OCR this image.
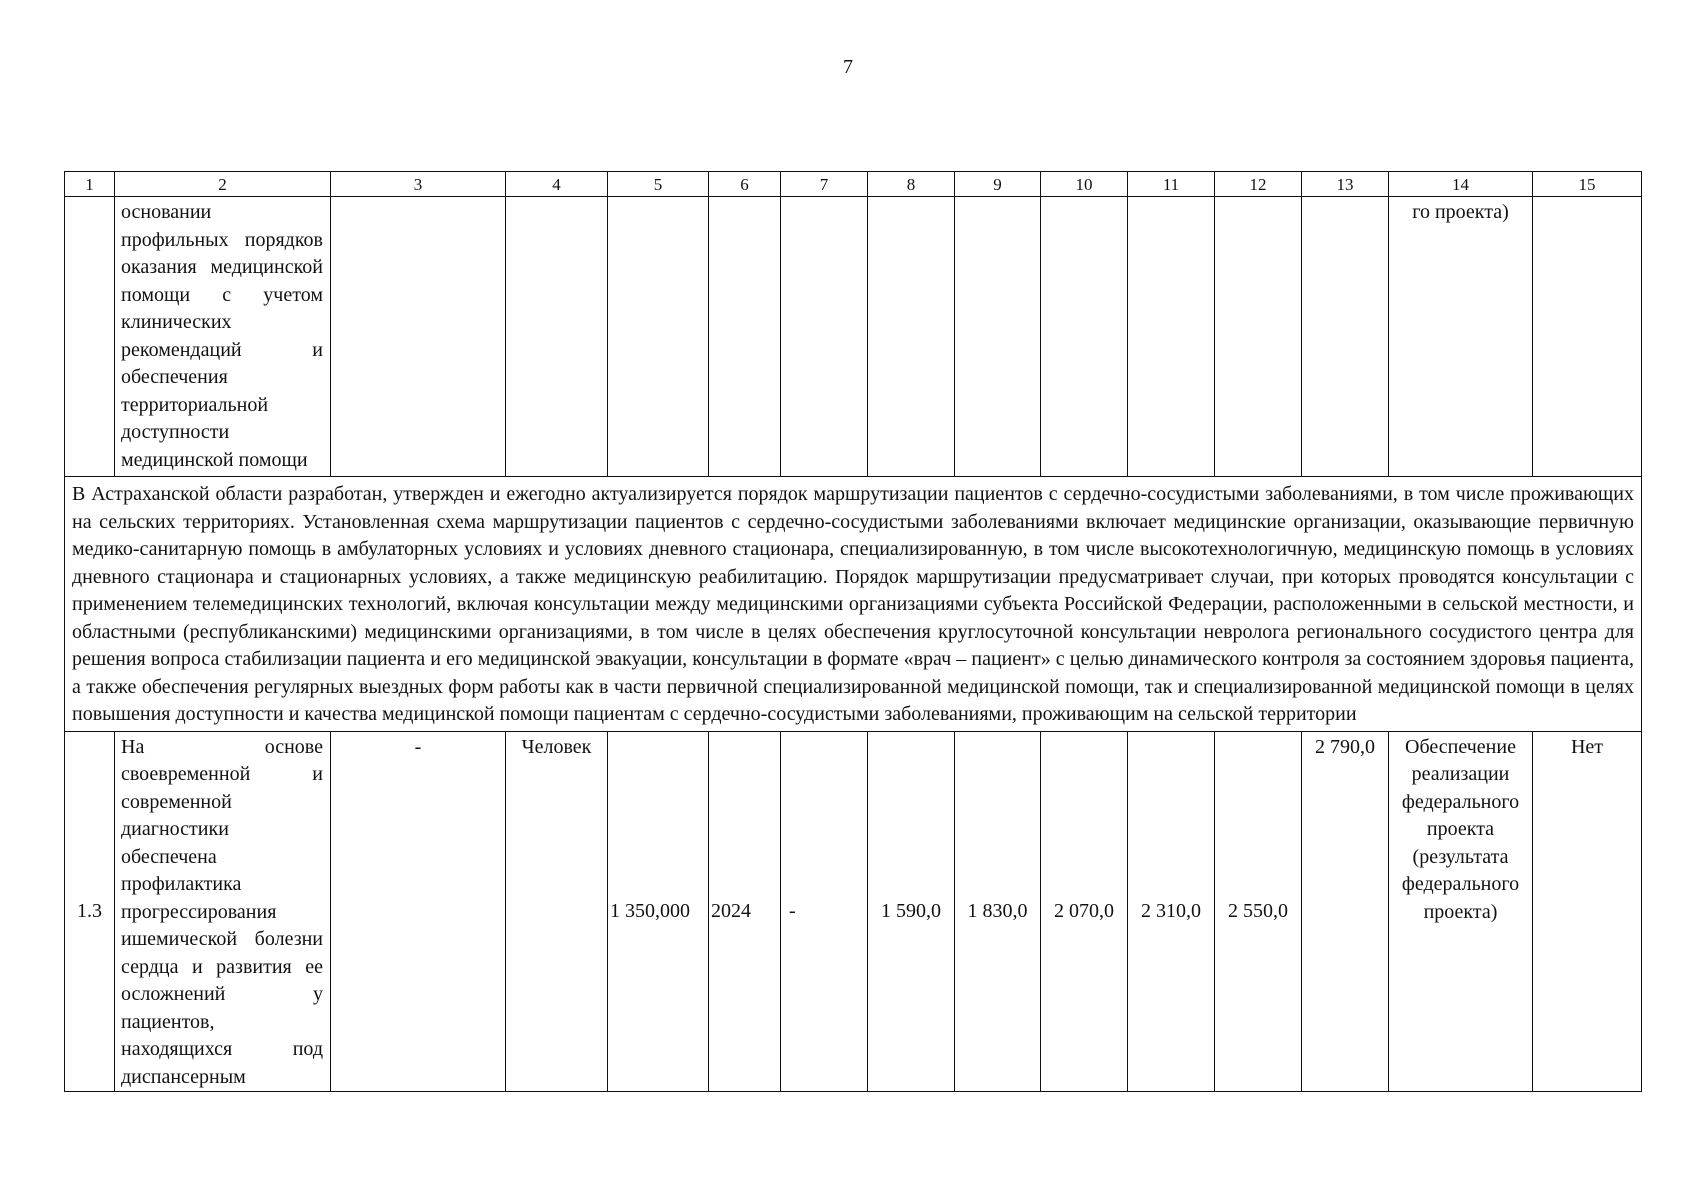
7
1	2	3	4	5	6	7	8	9	10	11	12	13	14	15
	основании профильных порядков оказания медицинской помощи с учетом клинических рекомендаций и обеспечения территориальной доступности медицинской помощи												го проекта)	
В Астраханской области разработан, утвержден и ежегодно актуализируется порядок маршрутизации пациентов с сердечно-сосудистыми заболеваниями, в том числе проживающих на сельских территориях. Установленная схема маршрутизации пациентов с сердечно-сосудистыми заболеваниями включает медицинские организации, оказывающие первичную медико-санитарную помощь в амбулаторных условиях и условиях дневного стационара, специализированную, в том числе высокотехнологичную, медицинскую помощь в условиях дневного стационара и стационарных условиях, а также медицинскую реабилитацию. Порядок маршрутизации предусматривает случаи, при которых проводятся консультации с применением телемедицинских технологий, включая консультации между медицинскими организациями субъекта Российской Федерации, расположенными в сельской местности, и областными (республиканскими) медицинскими организациями, в том числе в целях обеспечения круглосуточной консультации невролога регионального сосудистого центра для решения вопроса стабилизации пациента и его медицинской эвакуации, консультации в формате «врач – пациент» с целью динамического контроля за состоянием здоровья пациента, а также обеспечения регулярных выездных форм работы как в части первичной специализированной медицинской помощи, так и специализированной медицинской помощи в целях повышения доступности и качества медицинской помощи пациентам с сердечно-сосудистыми заболеваниями, проживающим на сельской территории														
1.3	На основе своевременной и современной диагностики обеспечена профилактика прогрессирования ишемической болезни сердца и развития ее осложнений у пациентов, находящихся под диспансерным	-	Человек	1 350,000	2024	-	1 590,0	1 830,0	2 070,0	2 310,0	2 550,0	2 790,0	Обеспечение реализации федерального проекта (результата федерального проекта)	Нет
